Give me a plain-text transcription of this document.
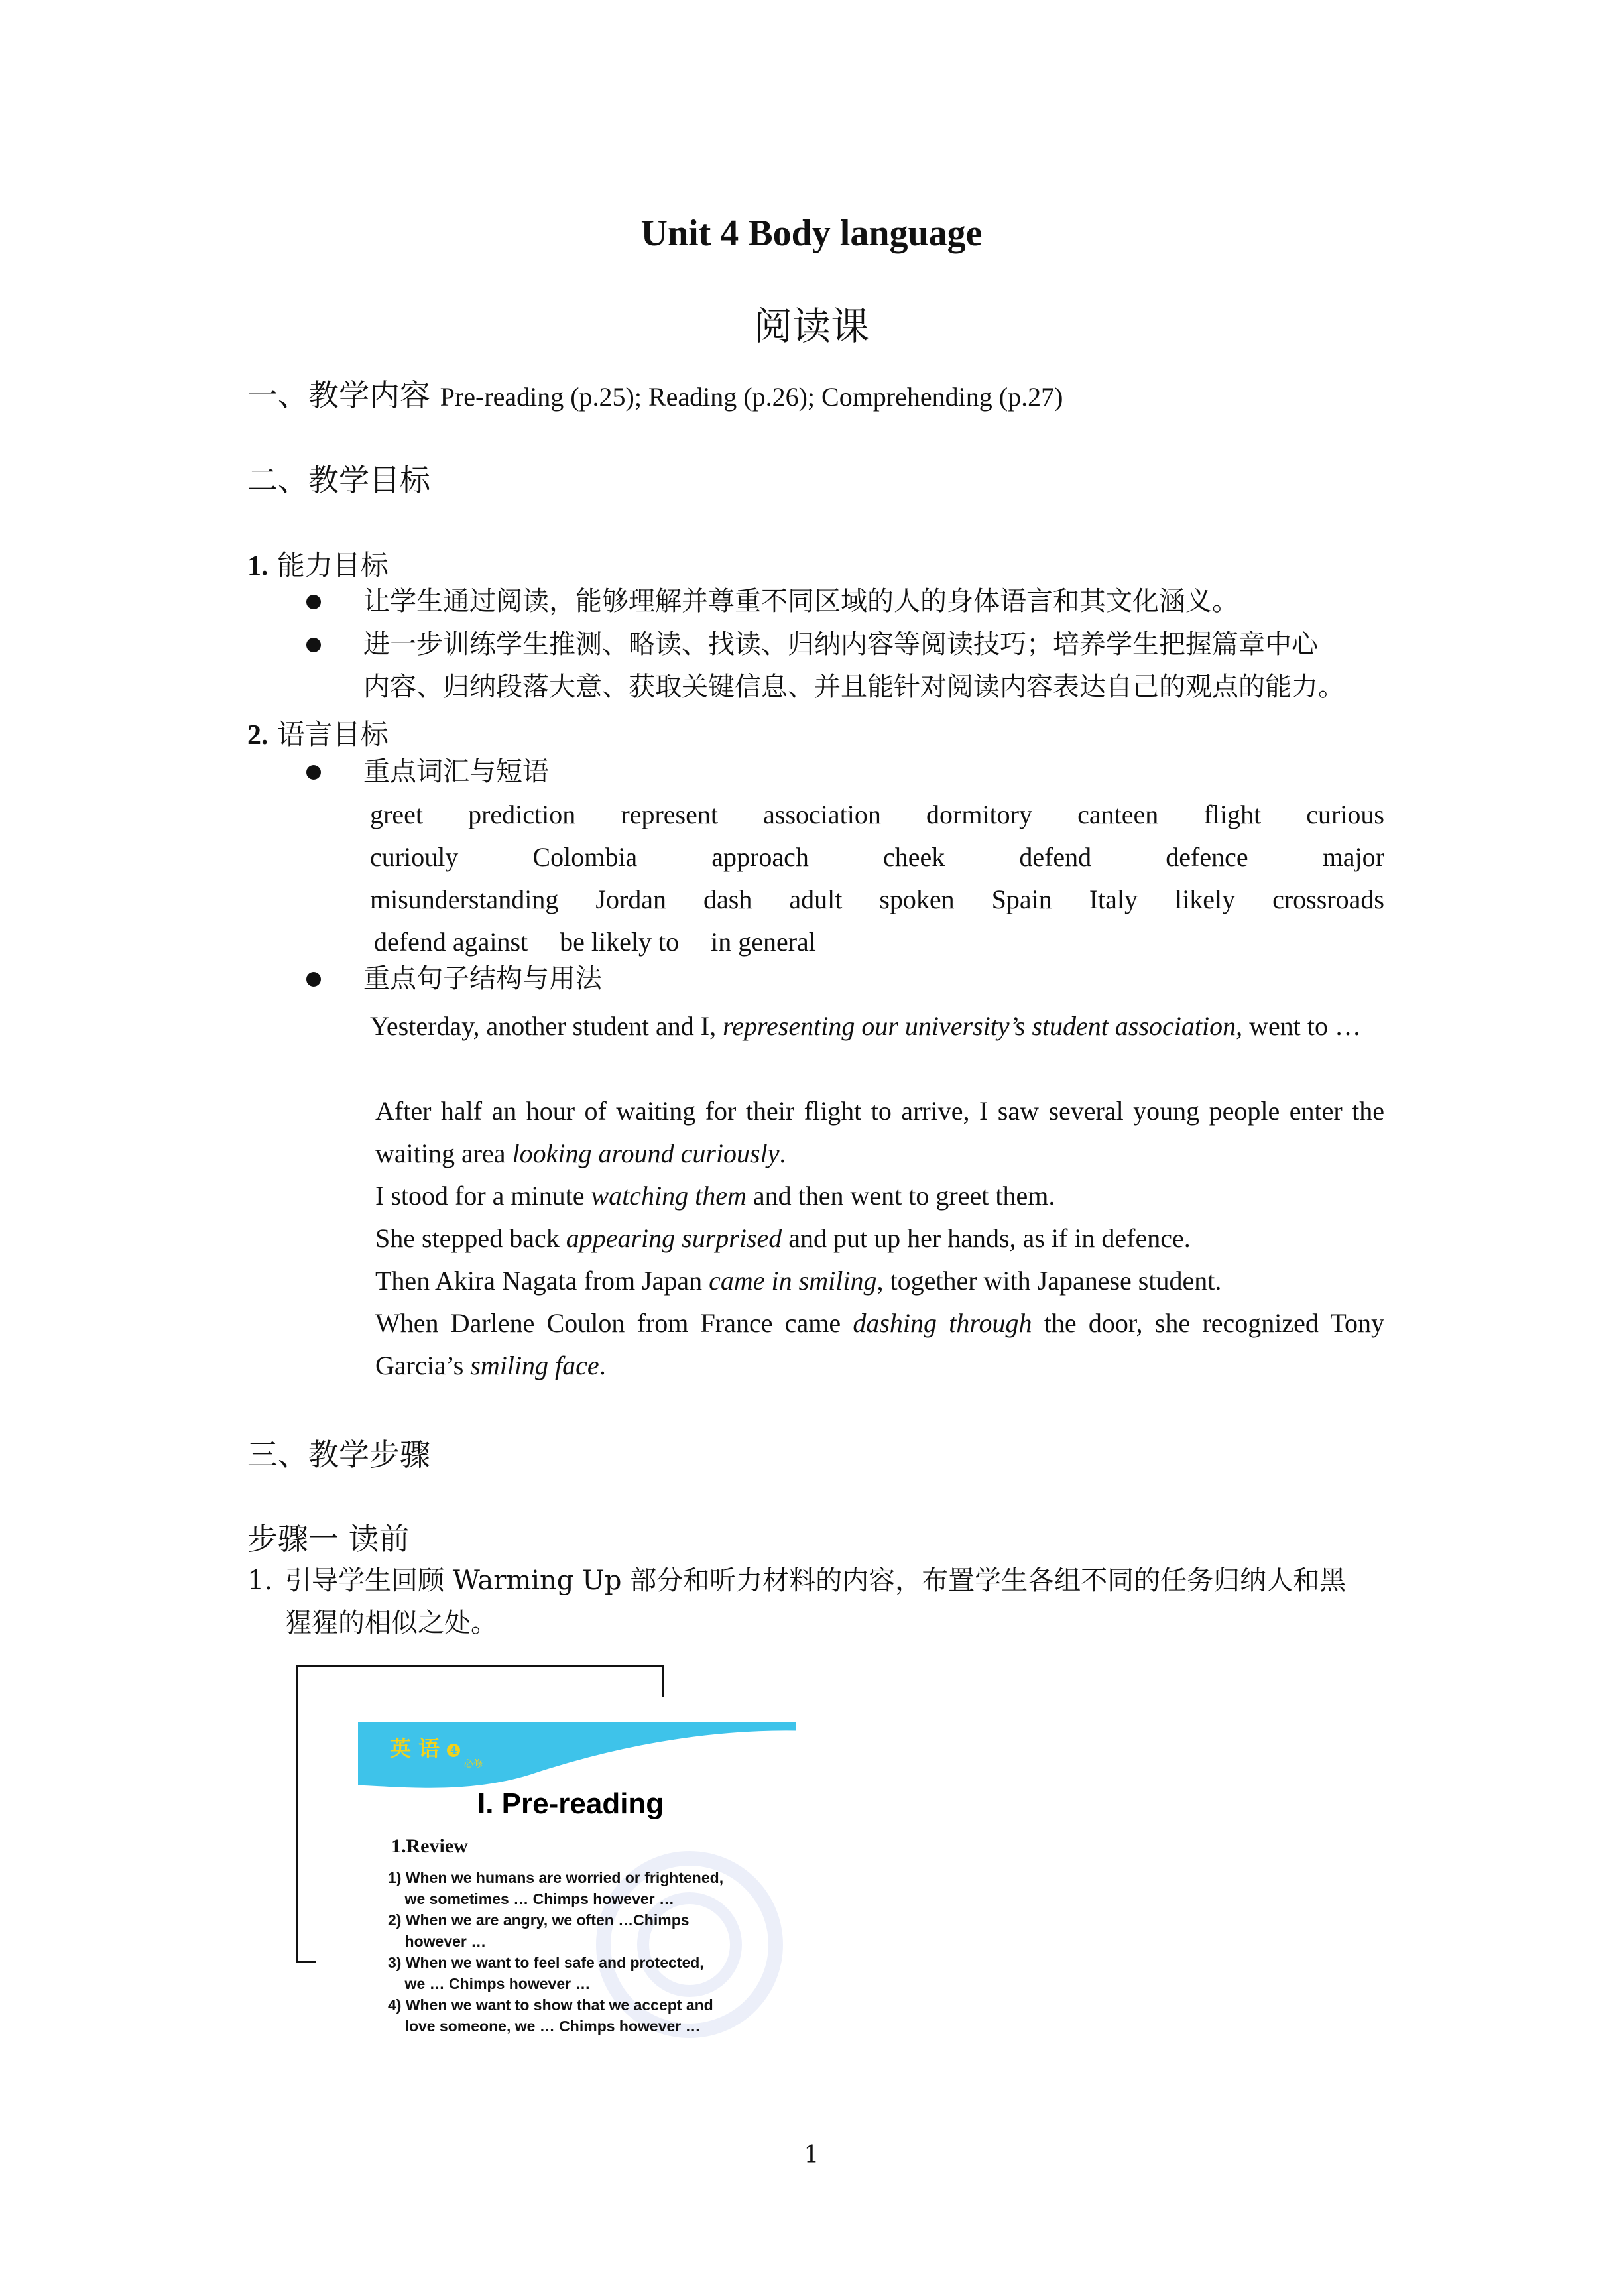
Unit 4 Body language
阅读课
一、教学内容 Pre-reading (p.25); Reading (p.26); Comprehending (p.27)
二、教学目标
1. 能力目标
让学生通过阅读，能够理解并尊重不同区域的人的身体语言和其文化涵义。
进一步训练学生推测、略读、找读、归纳内容等阅读技巧；培养学生把握篇章中心
内容、归纳段落大意、获取关键信息、并且能针对阅读内容表达自己的观点的能力。
2. 语言目标
重点词汇与短语
greet prediction represent association dormitory canteen flight curious
curiouly	Colombia	approach	cheek	defend	defence	major
misunderstanding Jordan dash adult spoken Spain Italy likely crossroads
defend against be likely to in general
重点句子结构与用法
Yesterday, another student and I, representing our university’s student association, went to …
After half an hour of waiting for their flight to arrive, I saw several young people enter the waiting area looking around curiously.
I stood for a minute watching them and then went to greet them.
She stepped back appearing surprised and put up her hands, as if in defence.
Then Akira Nagata from Japan came in smiling, together with Japanese student.
When Darlene Coulon from France came dashing through the door, she recognized Tony Garcia’s smiling face.
三、教学步骤
步骤一 读前
1. 引导学生回顾 Warming Up 部分和听力材料的内容，布置学生各组不同的任务归纳人和黑
猩猩的相似之处。
英 语 4
必修
I. Pre-reading
1.Review
1) When we humans are worried or frightened,
we sometimes … Chimps however …
2) When we are angry, we often …Chimps
however …
3) When we want to feel safe and protected,
we … Chimps however …
4) When we want to show that we accept and
love someone, we … Chimps however …
1
